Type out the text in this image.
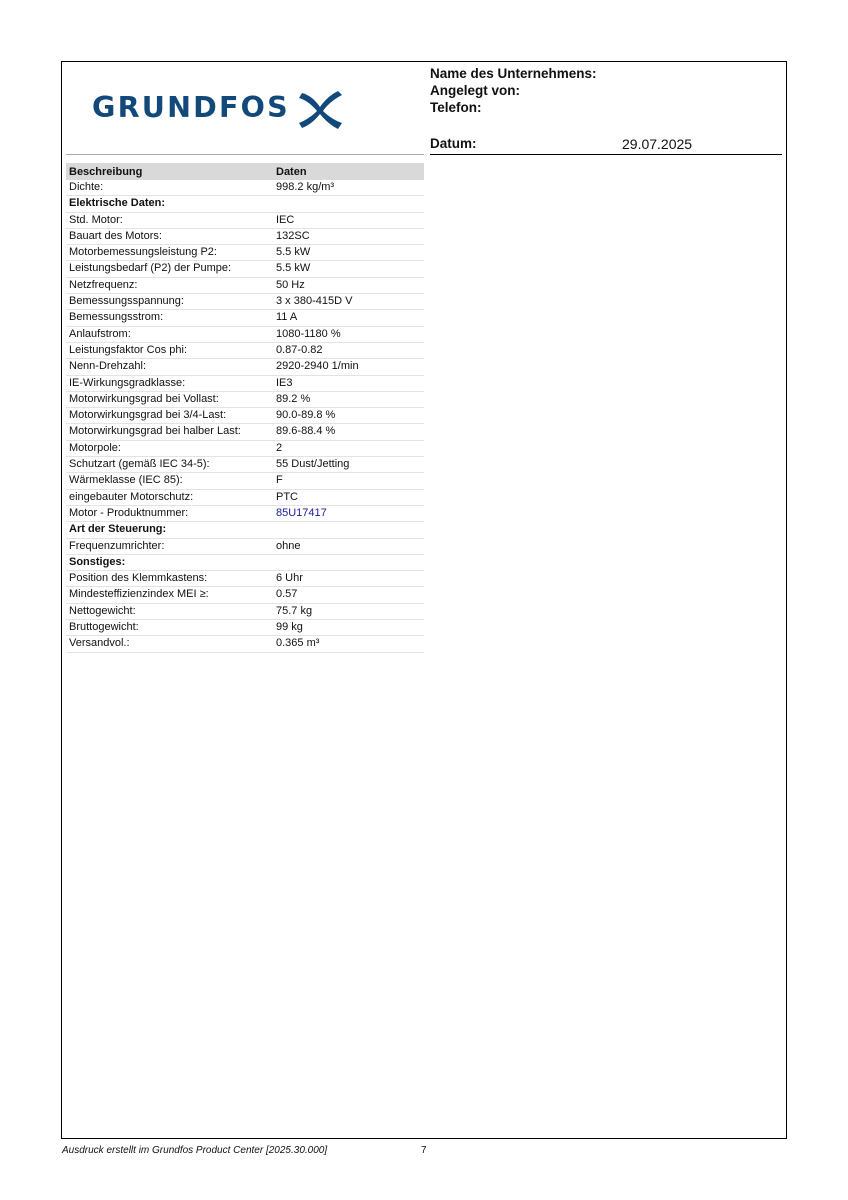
GRUNDFOS
Name des Unternehmens:
Angelegt von:
Telefon:
Datum:	29.07.2025
Beschreibung	Daten
Dichte:	998.2 kg/m³
Elektrische Daten:
Std. Motor:	IEC
Bauart des Motors:	132SC
Motorbemessungsleistung P2:	5.5 kW
Leistungsbedarf (P2) der Pumpe:	5.5 kW
Netzfrequenz:	50 Hz
Bemessungsspannung:	3 x 380-415D V
Bemessungsstrom:	11 A
Anlaufstrom:	1080-1180 %
Leistungsfaktor Cos phi:	0.87-0.82
Nenn-Drehzahl:	2920-2940 1/min
IE-Wirkungsgradklasse:	IE3
Motorwirkungsgrad bei Vollast:	89.2 %
Motorwirkungsgrad bei 3/4-Last:	90.0-89.8 %
Motorwirkungsgrad bei halber Last:	89.6-88.4 %
Motorpole:	2
Schutzart (gemäß IEC 34-5):	55 Dust/Jetting
Wärmeklasse (IEC 85):	F
eingebauter Motorschutz:	PTC
Motor - Produktnummer:	85U17417
Art der Steuerung:
Frequenzumrichter:	ohne
Sonstiges:
Position des Klemmkastens:	6 Uhr
Mindesteffizienzindex MEI ≥:	0.57
Nettogewicht:	75.7 kg
Bruttogewicht:	99 kg
Versandvol.:	0.365 m³
Ausdruck erstellt im Grundfos Product Center [2025.30.000]	7
